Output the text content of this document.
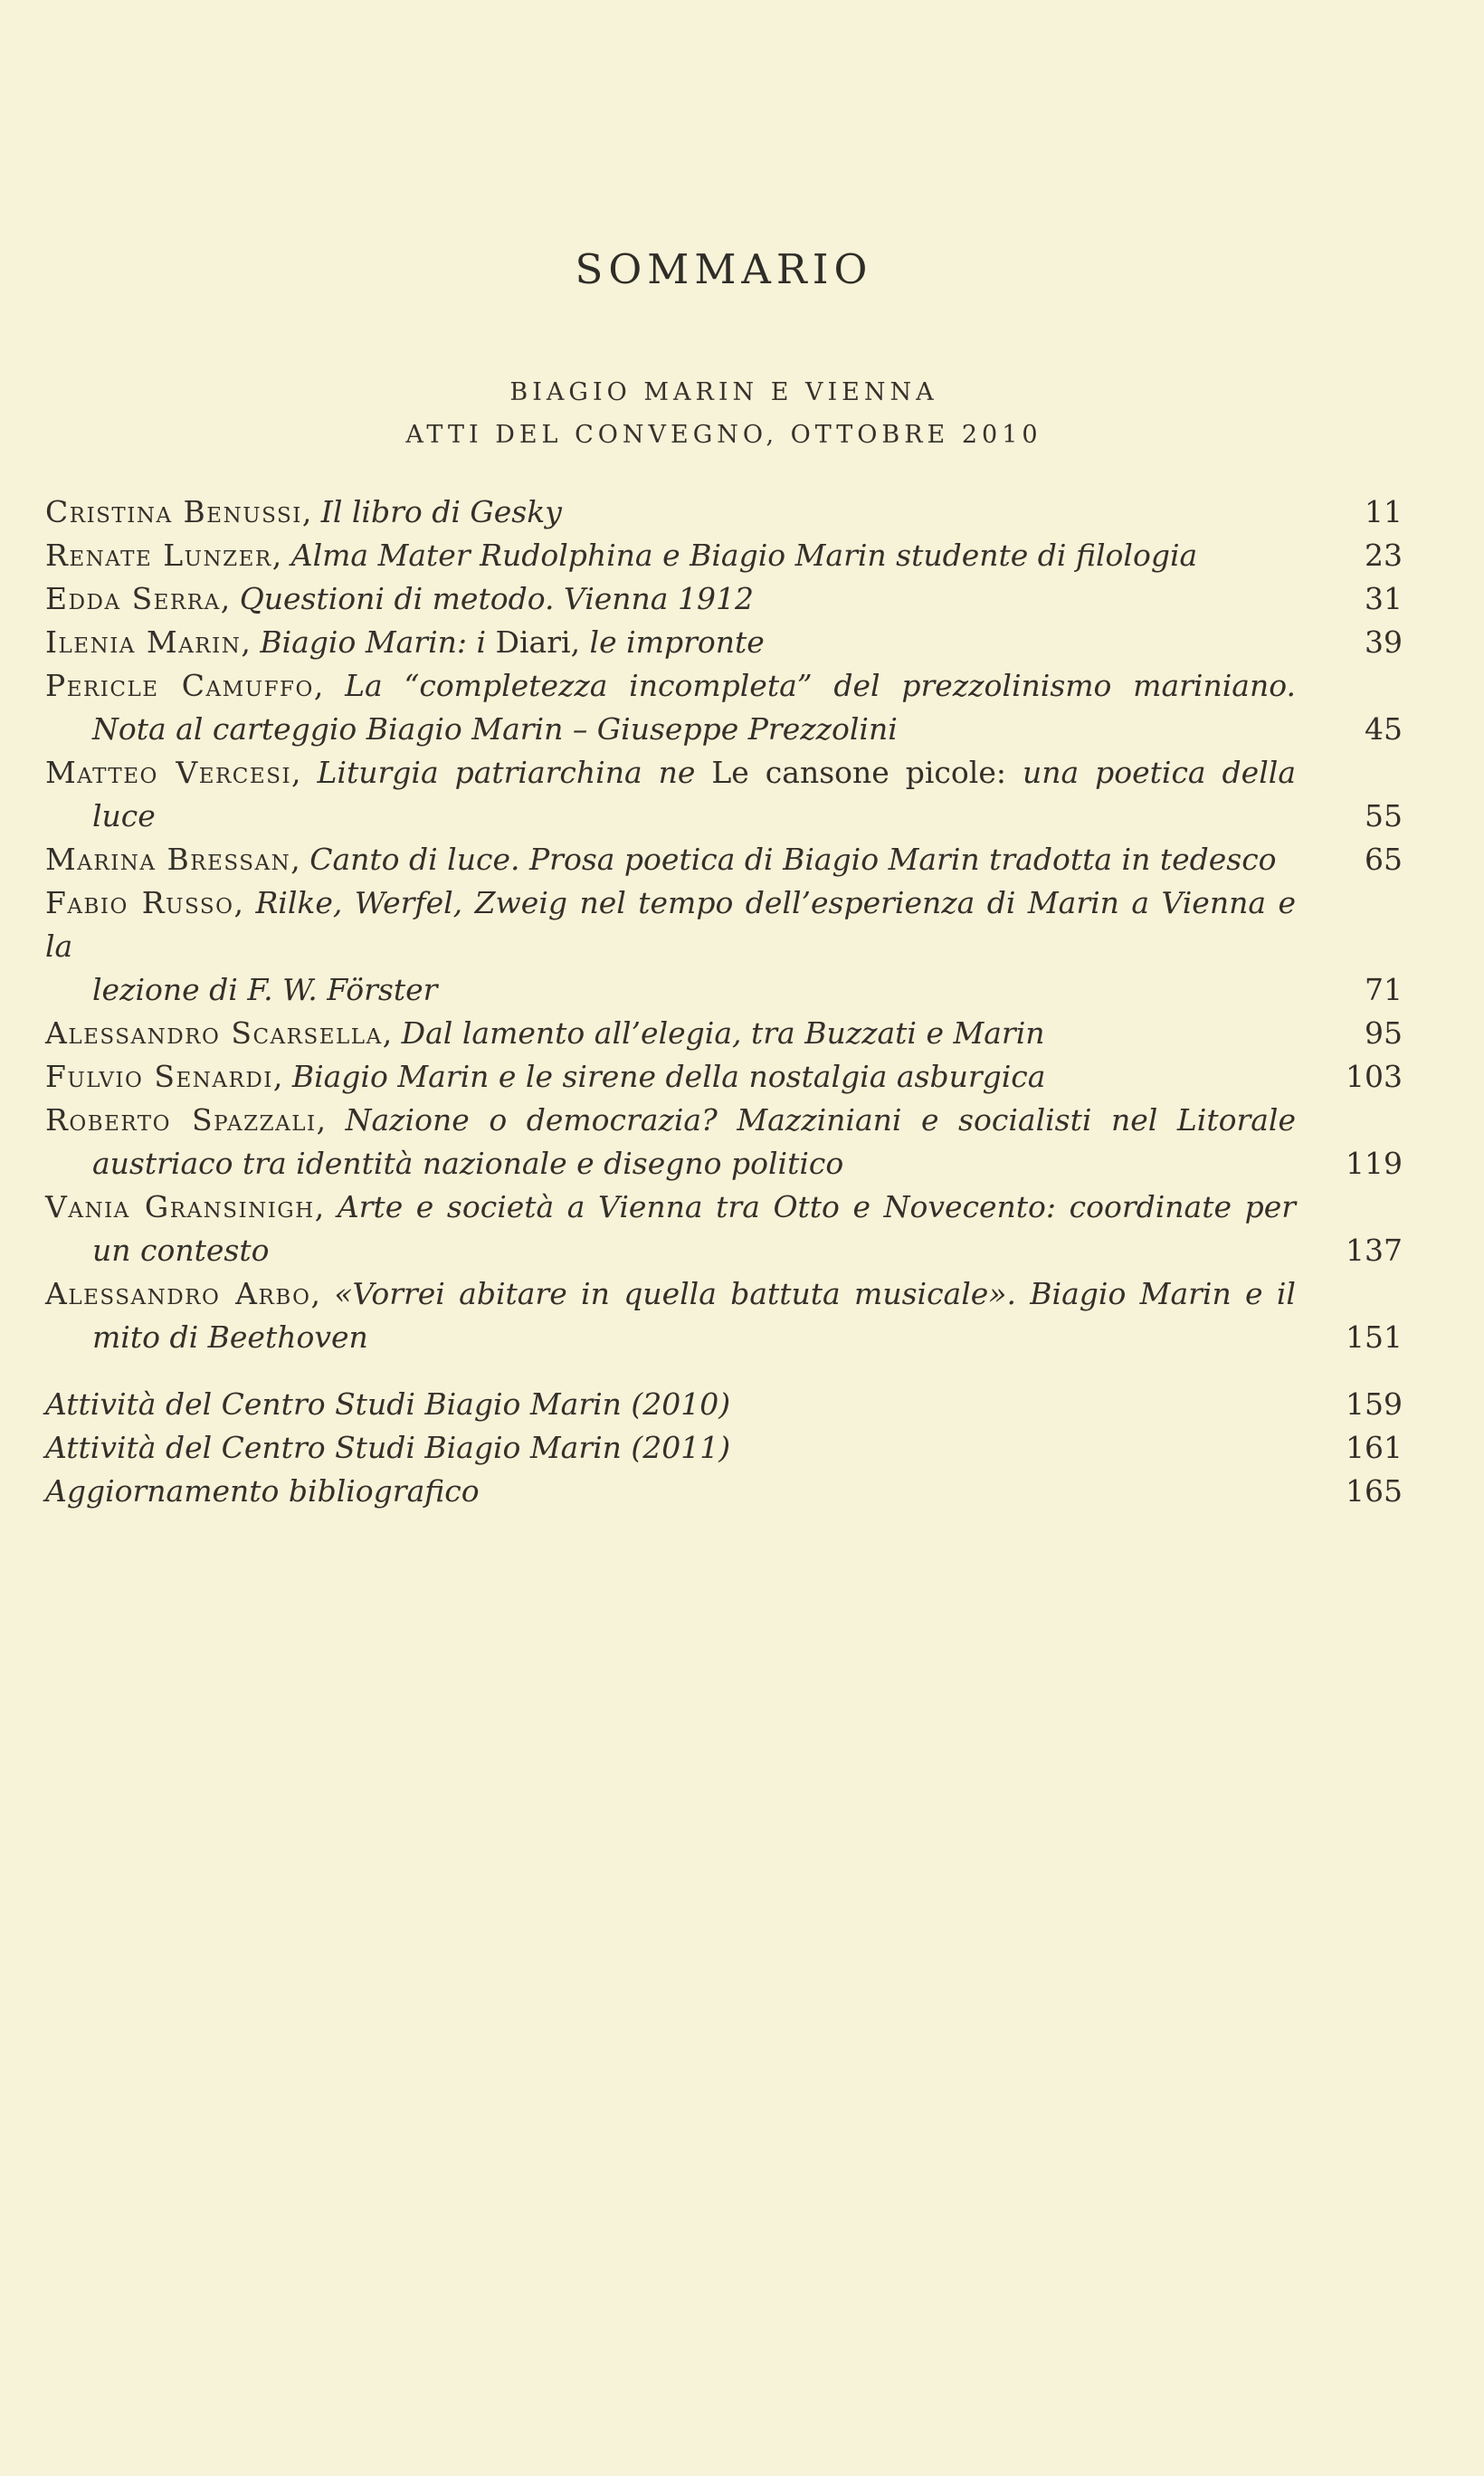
SOMMARIO
BIAGIO MARIN E VIENNA
ATTI DEL CONVEGNO, OTTOBRE 2010
Cristina Benussi, Il libro di Gesky	11
Renate Lunzer, Alma Mater Rudolphina e Biagio Marin studente di filologia	23
Edda Serra, Questioni di metodo. Vienna 1912	31
Ilenia Marin, Biagio Marin: i Diari, le impronte	39
Pericle Camuffo, La “completezza incompleta” del prezzolinismo mariniano.
Nota al carteggio Biagio Marin – Giuseppe Prezzolini	45
Matteo Vercesi, Liturgia patriarchina ne Le cansone picole: una poetica della
luce	55
Marina Bressan, Canto di luce. Prosa poetica di Biagio Marin tradotta in tedesco	65
Fabio Russo, Rilke, Werfel, Zweig nel tempo dell’esperienza di Marin a Vienna e la
lezione di F. W. Förster	71
Alessandro Scarsella, Dal lamento all’elegia, tra Buzzati e Marin	95
Fulvio Senardi, Biagio Marin e le sirene della nostalgia asburgica	103
Roberto Spazzali, Nazione o democrazia? Mazziniani e socialisti nel Litorale
austriaco tra identità nazionale e disegno politico	119
Vania Gransinigh, Arte e società a Vienna tra Otto e Novecento: coordinate per
un contesto	137
Alessandro Arbo, «Vorrei abitare in quella battuta musicale». Biagio Marin e il
mito di Beethoven	151
Attività del Centro Studi Biagio Marin (2010)	159
Attività del Centro Studi Biagio Marin (2011)	161
Aggiornamento bibliografico	165
